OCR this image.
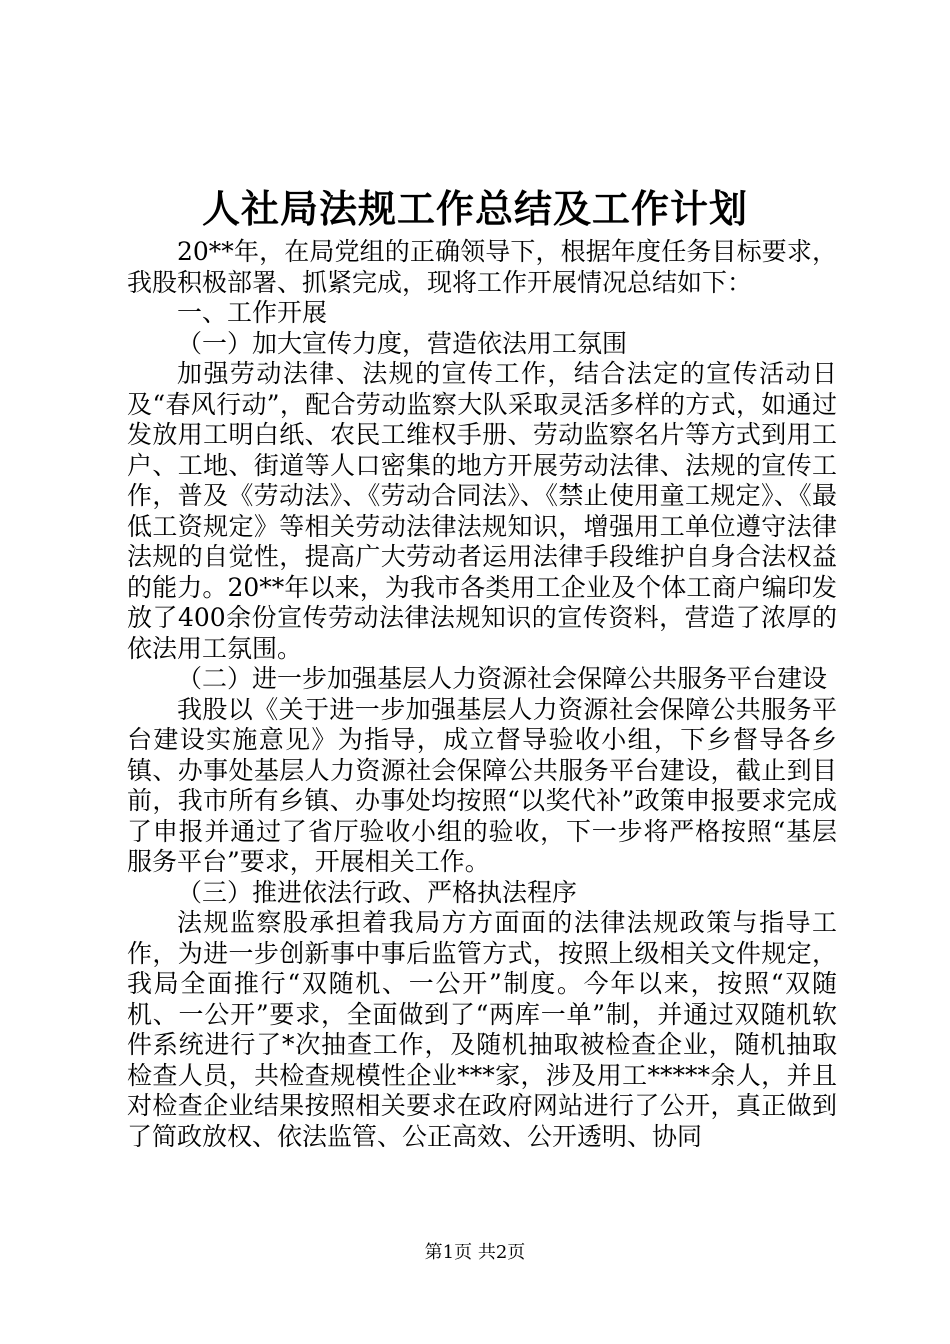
人社局法规工作总结及工作计划

20**年，在局党组的正确领导下，根据年度任务目标要求，我股积极部署、抓紧完成，现将工作开展情况总结如下：

一、工作开展

（一）加大宣传力度，营造依法用工氛围

加强劳动法律、法规的宣传工作，结合法定的宣传活动日及“春风行动”，配合劳动监察大队采取灵活多样的方式，如通过发放用工明白纸、农民工维权手册、劳动监察名片等方式到用工户、工地、街道等人口密集的地方开展劳动法律、法规的宣传工作，普及《劳动法》、《劳动合同法》、《禁止使用童工规定》、《最低工资规定》等相关劳动法律法规知识，增强用工单位遵守法律法规的自觉性，提高广大劳动者运用法律手段维护自身合法权益的能力。20**年以来，为我市各类用工企业及个体工商户编印发放了400余份宣传劳动法律法规知识的宣传资料，营造了浓厚的依法用工氛围。

（二）进一步加强基层人力资源社会保障公共服务平台建设

我股以《关于进一步加强基层人力资源社会保障公共服务平台建设实施意见》为指导，成立督导验收小组，下乡督导各乡镇、办事处基层人力资源社会保障公共服务平台建设，截止到目前，我市所有乡镇、办事处均按照“以奖代补”政策申报要求完成了申报并通过了省厅验收小组的验收，下一步将严格按照“基层服务平台”要求，开展相关工作。

（三）推进依法行政、严格执法程序

法规监察股承担着我局方方面面的法律法规政策与指导工作，为进一步创新事中事后监管方式，按照上级相关文件规定，我局全面推行“双随机、一公开”制度。今年以来，按照“双随机、一公开”要求，全面做到了“两库一单”制，并通过双随机软件系统进行了*次抽查工作，及随机抽取被检查企业，随机抽取检查人员，共检查规模性企业***家，涉及用工*****余人，并且对检查企业结果按照相关要求在政府网站进行了公开，真正做到了简政放权、依法监管、公正高效、公开透明、协同

第1页 共2页
